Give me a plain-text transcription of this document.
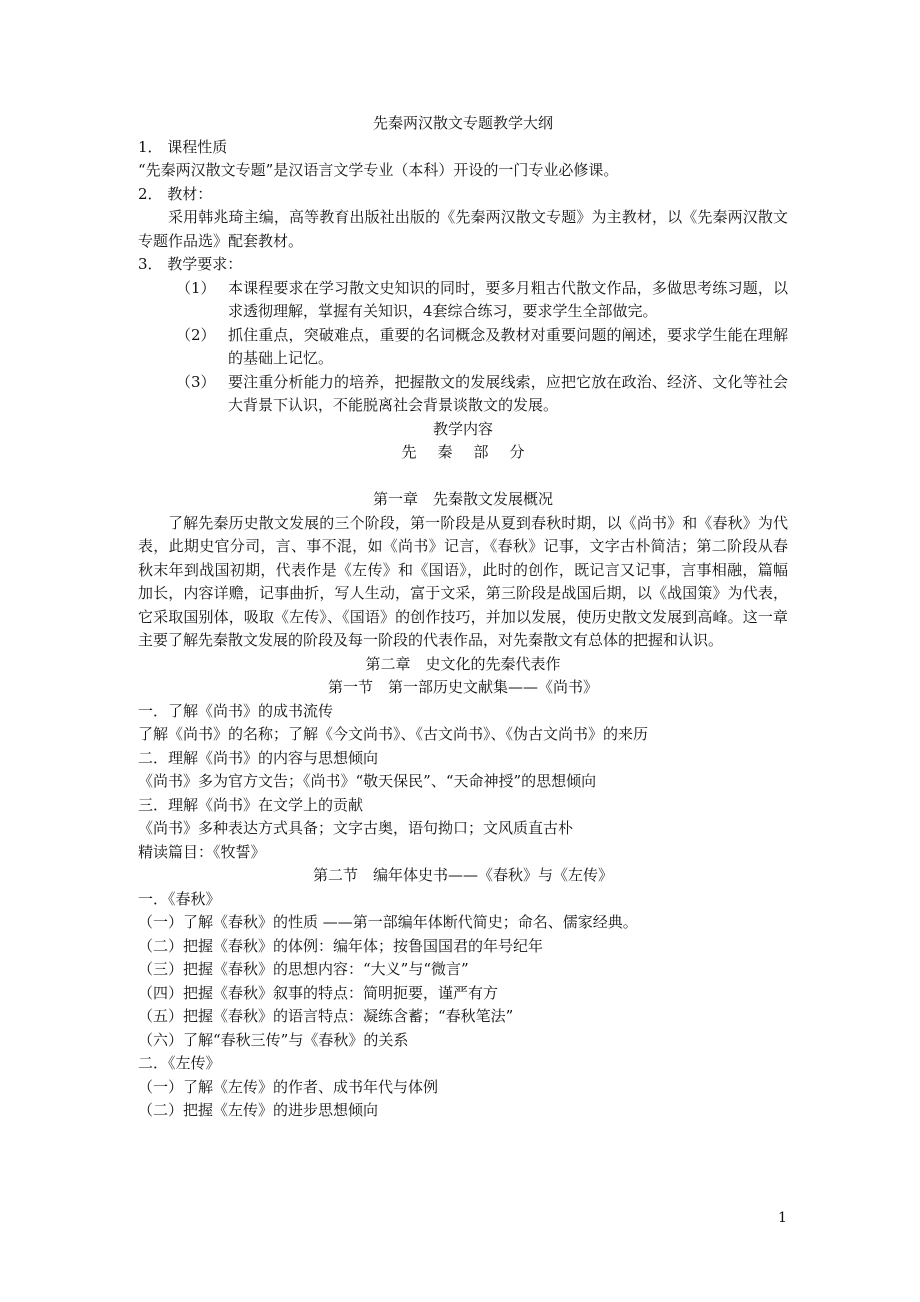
先秦两汉散文专题教学大纲

1． 课程性质

“先秦两汉散文专题”是汉语言文学专业（本科）开设的一门专业必修课。

2． 教材：

采用韩兆琦主编，高等教育出版社出版的《先秦两汉散文专题》为主教材，以《先秦两汉散文专题作品选》配套教材。

3． 教学要求：

（1） 本课程要求在学习散文史知识的同时，要多月粗古代散文作品，多做思考练习题，以求透彻理解，掌握有关知识，4套综合练习，要求学生全部做完。
（2） 抓住重点，突破难点，重要的名词概念及教材对重要问题的阐述，要求学生能在理解的基础上记忆。
（3） 要注重分析能力的培养，把握散文的发展线索，应把它放在政治、经济、文化等社会大背景下认识，不能脱离社会背景谈散文的发展。

教学内容

先秦部分

第一章　先秦散文发展概况

了解先秦历史散文发展的三个阶段，第一阶段是从夏到春秋时期，以《尚书》和《春秋》为代表，此期史官分司，言、事不混，如《尚书》记言，《春秋》记事，文字古朴简洁；第二阶段从春秋末年到战国初期，代表作是《左传》和《国语》，此时的创作，既记言又记事，言事相融，篇幅加长，内容详赡，记事曲折，写人生动，富于文采，第三阶段是战国后期，以《战国策》为代表，它采取国别体，吸取《左传》、《国语》的创作技巧，并加以发展，使历史散文发展到高峰。这一章主要了解先秦散文发展的阶段及每一阶段的代表作品，对先秦散文有总体的把握和认识。

第二章　史文化的先秦代表作

第一节　第一部历史文献集——《尚书》

一．了解《尚书》的成书流传

了解《尚书》的名称；了解《今文尚书》、《古文尚书》、《伪古文尚书》的来历

二．理解《尚书》的内容与思想倾向

《尚书》多为官方文告；《尚书》“敬天保民”、“天命神授”的思想倾向

三．理解《尚书》在文学上的贡献

《尚书》多种表达方式具备；文字古奥，语句拗口；文风质直古朴

精读篇目：《牧誓》

第二节　编年体史书——《春秋》与《左传》

一．《春秋》

（一）了解《春秋》的性质 ——第一部编年体断代简史；命名、儒家经典。

（二）把握《春秋》的体例：编年体；按鲁国国君的年号纪年

（三）把握《春秋》的思想内容：“大义”与“微言”

（四）把握《春秋》叙事的特点：简明扼要，谨严有方

（五）把握《春秋》的语言特点：凝练含蓄；“春秋笔法”

（六）了解“春秋三传”与《春秋》的关系

二．《左传》

（一）了解《左传》的作者、成书年代与体例

（二）把握《左传》的进步思想倾向

1
